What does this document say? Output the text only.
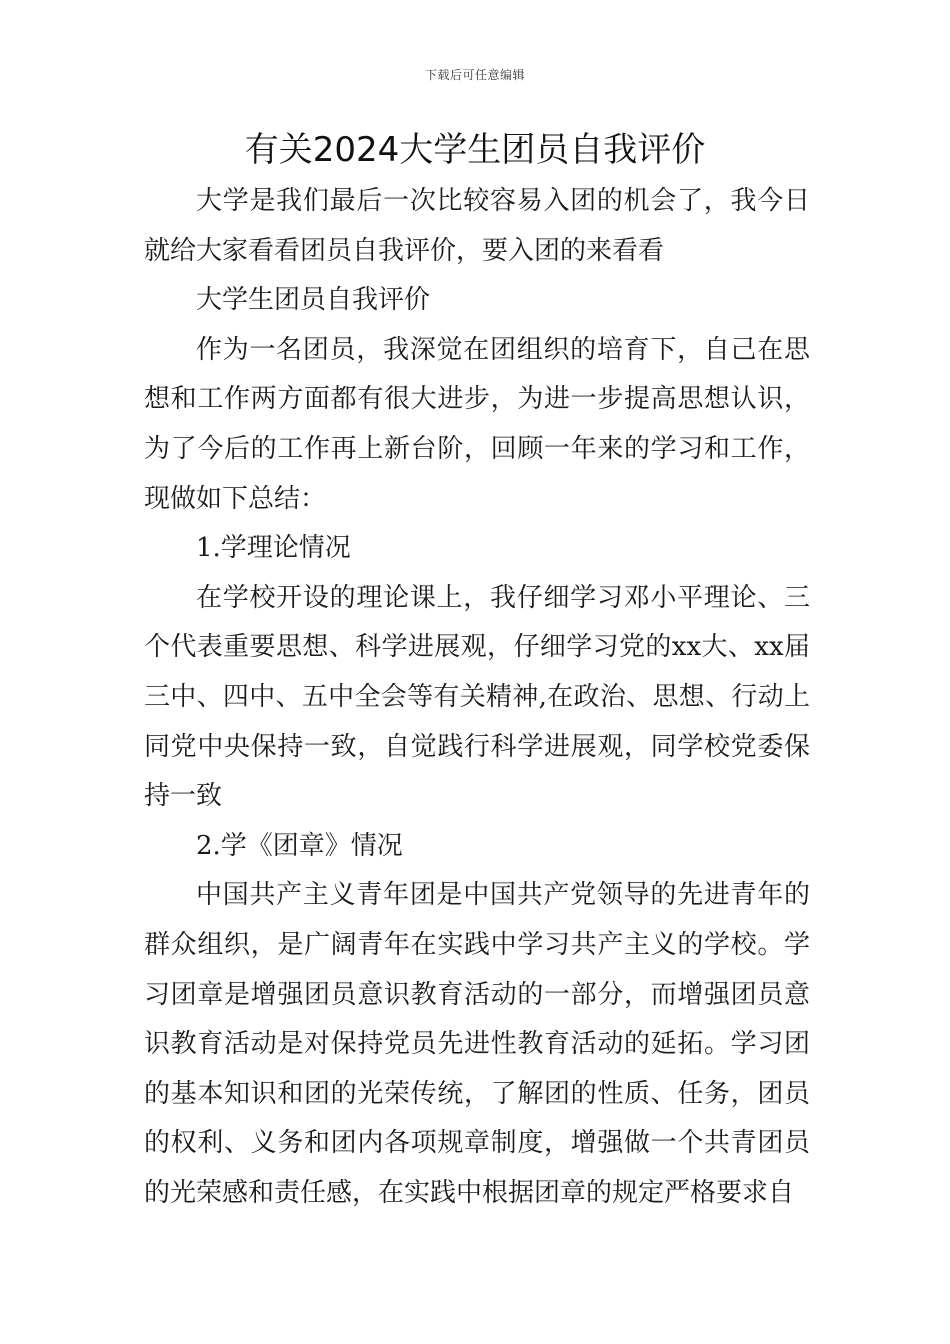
下载后可任意编辑
有关2024大学生团员自我评价

大学是我们最后一次比较容易入团的机会了，我今日就给大家看看团员自我评价，要入团的来看看

大学生团员自我评价

作为一名团员，我深觉在团组织的培育下，自己在思想和工作两方面都有很大进步，为进一步提高思想认识，为了今后的工作再上新台阶，回顾一年来的学习和工作，现做如下总结：

1.学理论情况

在学校开设的理论课上，我仔细学习邓小平理论、三个代表重要思想、科学进展观，仔细学习党的xx大、xx届三中、四中、五中全会等有关精神,在政治、思想、行动上同党中央保持一致，自觉践行科学进展观，同学校党委保持一致

2.学《团章》情况

中国共产主义青年团是中国共产党领导的先进青年的群众组织，是广阔青年在实践中学习共产主义的学校。学习团章是增强团员意识教育活动的一部分，而增强团员意识教育活动是对保持党员先进性教育活动的延拓。学习团的基本知识和团的光荣传统，了解团的性质、任务，团员的权利、义务和团内各项规章制度，增强做一个共青团员的光荣感和责任感，在实践中根据团章的规定严格要求自
